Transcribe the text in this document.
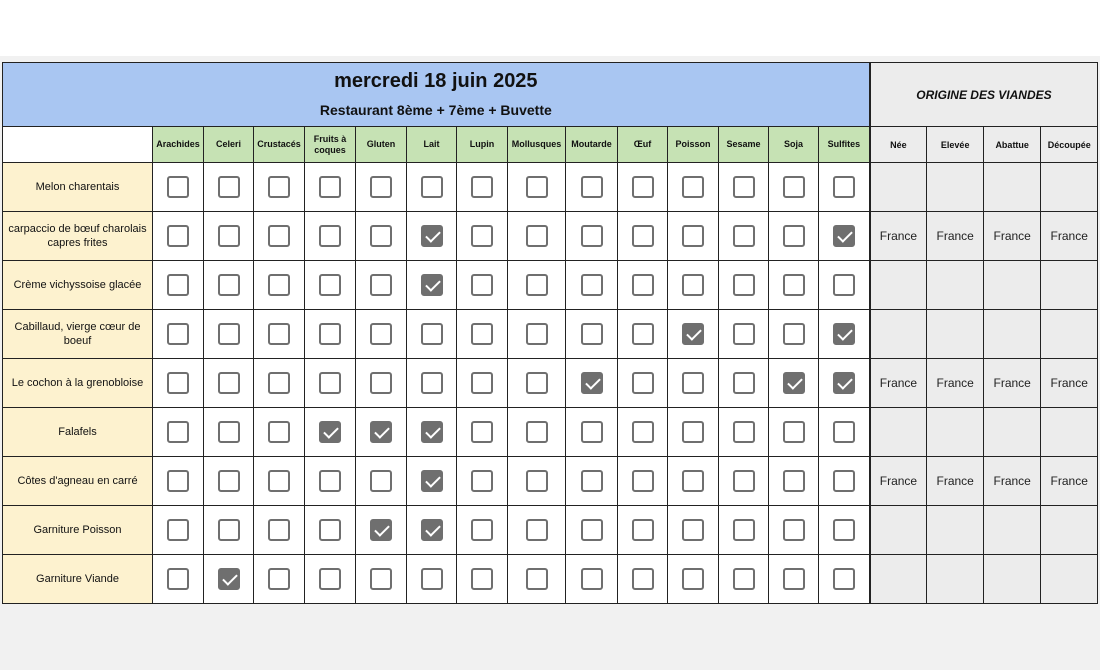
mercredi 18 juin 2025
Restaurant 8ème + 7ème + Buvette															ORIGINE DES VIANDES			
	Arachides	Celeri	Crustacés	Fruits à coques	Gluten	Lait	Lupin	Mollusques	Moutarde	Œuf	Poisson	Sesame	Soja	Sulfites	Née	Elevée	Abattue	Découpée
Melon charentais																		
carpaccio de bœuf charolais capres frites															France	France	France	France
Crème vichyssoise glacée																		
Cabillaud, vierge cœur de boeuf																		
Le cochon à la grenobloise															France	France	France	France
Falafels																		
Côtes d'agneau en carré															France	France	France	France
Garniture Poisson																		
Garniture Viande																		
